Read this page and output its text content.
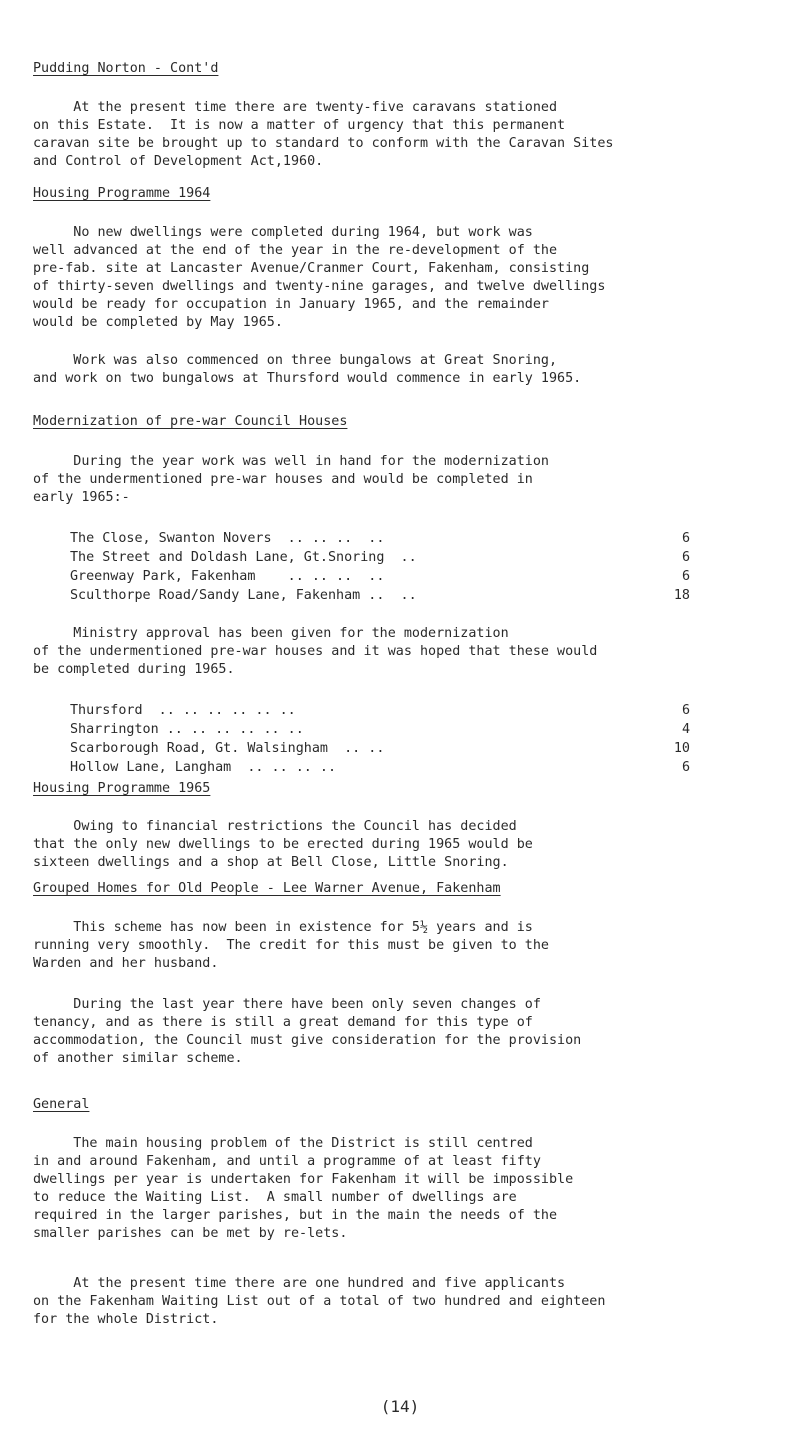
Pudding Norton - Cont'd

At the present time there are twenty-five caravans stationed
on this Estate.  It is now a matter of urgency that this permanent
caravan site be brought up to standard to conform with the Caravan Sites
and Control of Development Act,1960.

Housing Programme 1964

No new dwellings were completed during 1964, but work was
well advanced at the end of the year in the re-development of the
pre-fab. site at Lancaster Avenue/Cranmer Court, Fakenham, consisting
of thirty-seven dwellings and twenty-nine garages, and twelve dwellings
would be ready for occupation in January 1965, and the remainder
would be completed by May 1965.

Work was also commenced on three bungalows at Great Snoring,
and work on two bungalows at Thursford would commence in early 1965.

Modernization of pre-war Council Houses

During the year work was well in hand for the modernization
of the undermentioned pre-war houses and would be completed in
early 1965:-

The Close, Swanton Novers  .. .. ..  ..	6
The Street and Doldash Lane, Gt.Snoring  ..	6
Greenway Park, Fakenham    .. .. ..  ..	6
Sculthorpe Road/Sandy Lane, Fakenham ..  ..	18

Ministry approval has been given for the modernization
of the undermentioned pre-war houses and it was hoped that these would
be completed during 1965.

Thursford  .. .. .. .. .. ..	6
Sharrington .. .. .. .. .. ..	4
Scarborough Road, Gt. Walsingham  .. ..	10
Hollow Lane, Langham  .. .. .. ..	6
Housing Programme 1965

Owing to financial restrictions the Council has decided
that the only new dwellings to be erected during 1965 would be
sixteen dwellings and a shop at Bell Close, Little Snoring.

Grouped Homes for Old People - Lee Warner Avenue, Fakenham

This scheme has now been in existence for 5½ years and is
running very smoothly.  The credit for this must be given to the
Warden and her husband.

During the last year there have been only seven changes of
tenancy, and as there is still a great demand for this type of
accommodation, the Council must give consideration for the provision
of another similar scheme.

General

The main housing problem of the District is still centred
in and around Fakenham, and until a programme of at least fifty
dwellings per year is undertaken for Fakenham it will be impossible
to reduce the Waiting List.  A small number of dwellings are
required in the larger parishes, but in the main the needs of the
smaller parishes can be met by re-lets.

At the present time there are one hundred and five applicants
on the Fakenham Waiting List out of a total of two hundred and eighteen
for the whole District.

(14)
